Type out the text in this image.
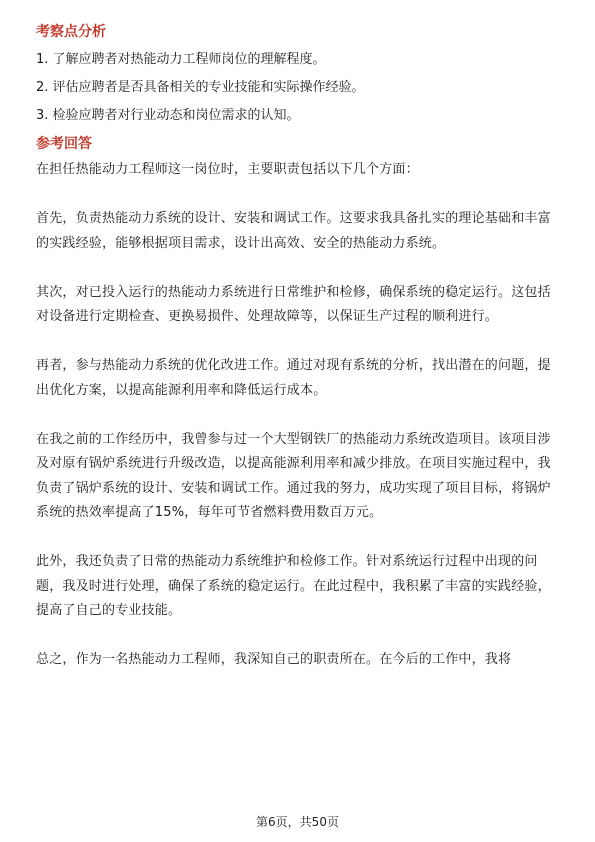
考察点分析
1. 了解应聘者对热能动力工程师岗位的理解程度。
2. 评估应聘者是否具备相关的专业技能和实际操作经验。
3. 检验应聘者对行业动态和岗位需求的认知。
参考回答

在担任热能动力工程师这一岗位时，主要职责包括以下几个方面：

首先，负责热能动力系统的设计、安装和调试工作。这要求我具备扎实的理论基础和丰富的实践经验，能够根据项目需求，设计出高效、安全的热能动力系统。

其次，对已投入运行的热能动力系统进行日常维护和检修，确保系统的稳定运行。这包括对设备进行定期检查、更换易损件、处理故障等，以保证生产过程的顺利进行。

再者，参与热能动力系统的优化改进工作。通过对现有系统的分析，找出潜在的问题，提出优化方案，以提高能源利用率和降低运行成本。

在我之前的工作经历中，我曾参与过一个大型钢铁厂的热能动力系统改造项目。该项目涉及对原有锅炉系统进行升级改造，以提高能源利用率和减少排放。在项目实施过程中，我负责了锅炉系统的设计、安装和调试工作。通过我的努力，成功实现了项目目标，将锅炉系统的热效率提高了15%，每年可节省燃料费用数百万元。

此外，我还负责了日常的热能动力系统维护和检修工作。针对系统运行过程中出现的问题，我及时进行处理，确保了系统的稳定运行。在此过程中，我积累了丰富的实践经验，提高了自己的专业技能。

总之，作为一名热能动力工程师，我深知自己的职责所在。在今后的工作中，我将

第6页，共50页
